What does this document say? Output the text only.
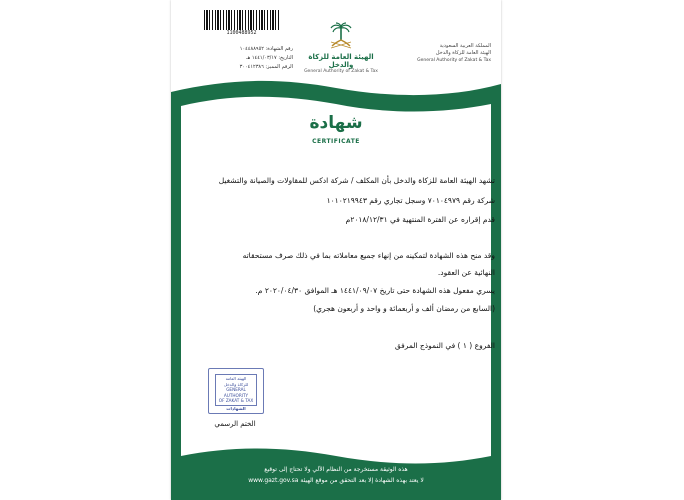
1100488952
رقم الشهادة: ١٠٤٤٨٨٩٥٢
التاريخ: ١٤٤١/٠٣/١٧ هـ
الرقم المميز: ٣٠٠٤١٢٣٨٦
الهيئة العامة للزكاة والدخل
General Authority of Zakat & Tax
المملكة العربية السعودية
الهيئة العامة للزكاة والدخل
General Authority of Zakat & Tax
شهادة
CERTIFICATE
تشهد الهيئة العامة للزكاة والدخل بأن المكلف / شركة ادكس للمقاولات والصيانة والتشغيل
شركة رقم ٧٠١٠٤٩٧٩ وسجل تجاري رقم ١٠١٠٢١٩٩٤٣
قدم إقراره عن الفترة المنتهية في ٢٠١٨/١٢/٣١م
وقد منح هذه الشهادة لتمكينه من إنهاء جميع معاملاته بما في ذلك صرف مستحقاته
النهائية عن العقود.
يسري مفعول هذه الشهادة حتى تاريخ ١٤٤١/٠٩/٠٧ هـ الموافق ٢٠٢٠/٠٤/٣٠ م.
(السابع من رمضان ألف و أربعمائة و واحد و أربعون هجري)
الفروع ( ١ ) في النموذج المرفق
الهيئة العامة
للزكاة والدخل
GENERAL AUTHORITY
OF ZAKAT & TAX
الشهادات
الختم الرسمي
هذه الوثيقة مستخرجة من النظام الآلي ولا تحتاج إلى توقيع
لا يعتد بهذه الشهادة إلا بعد التحقق من موقع الهيئة www.gazt.gov.sa
